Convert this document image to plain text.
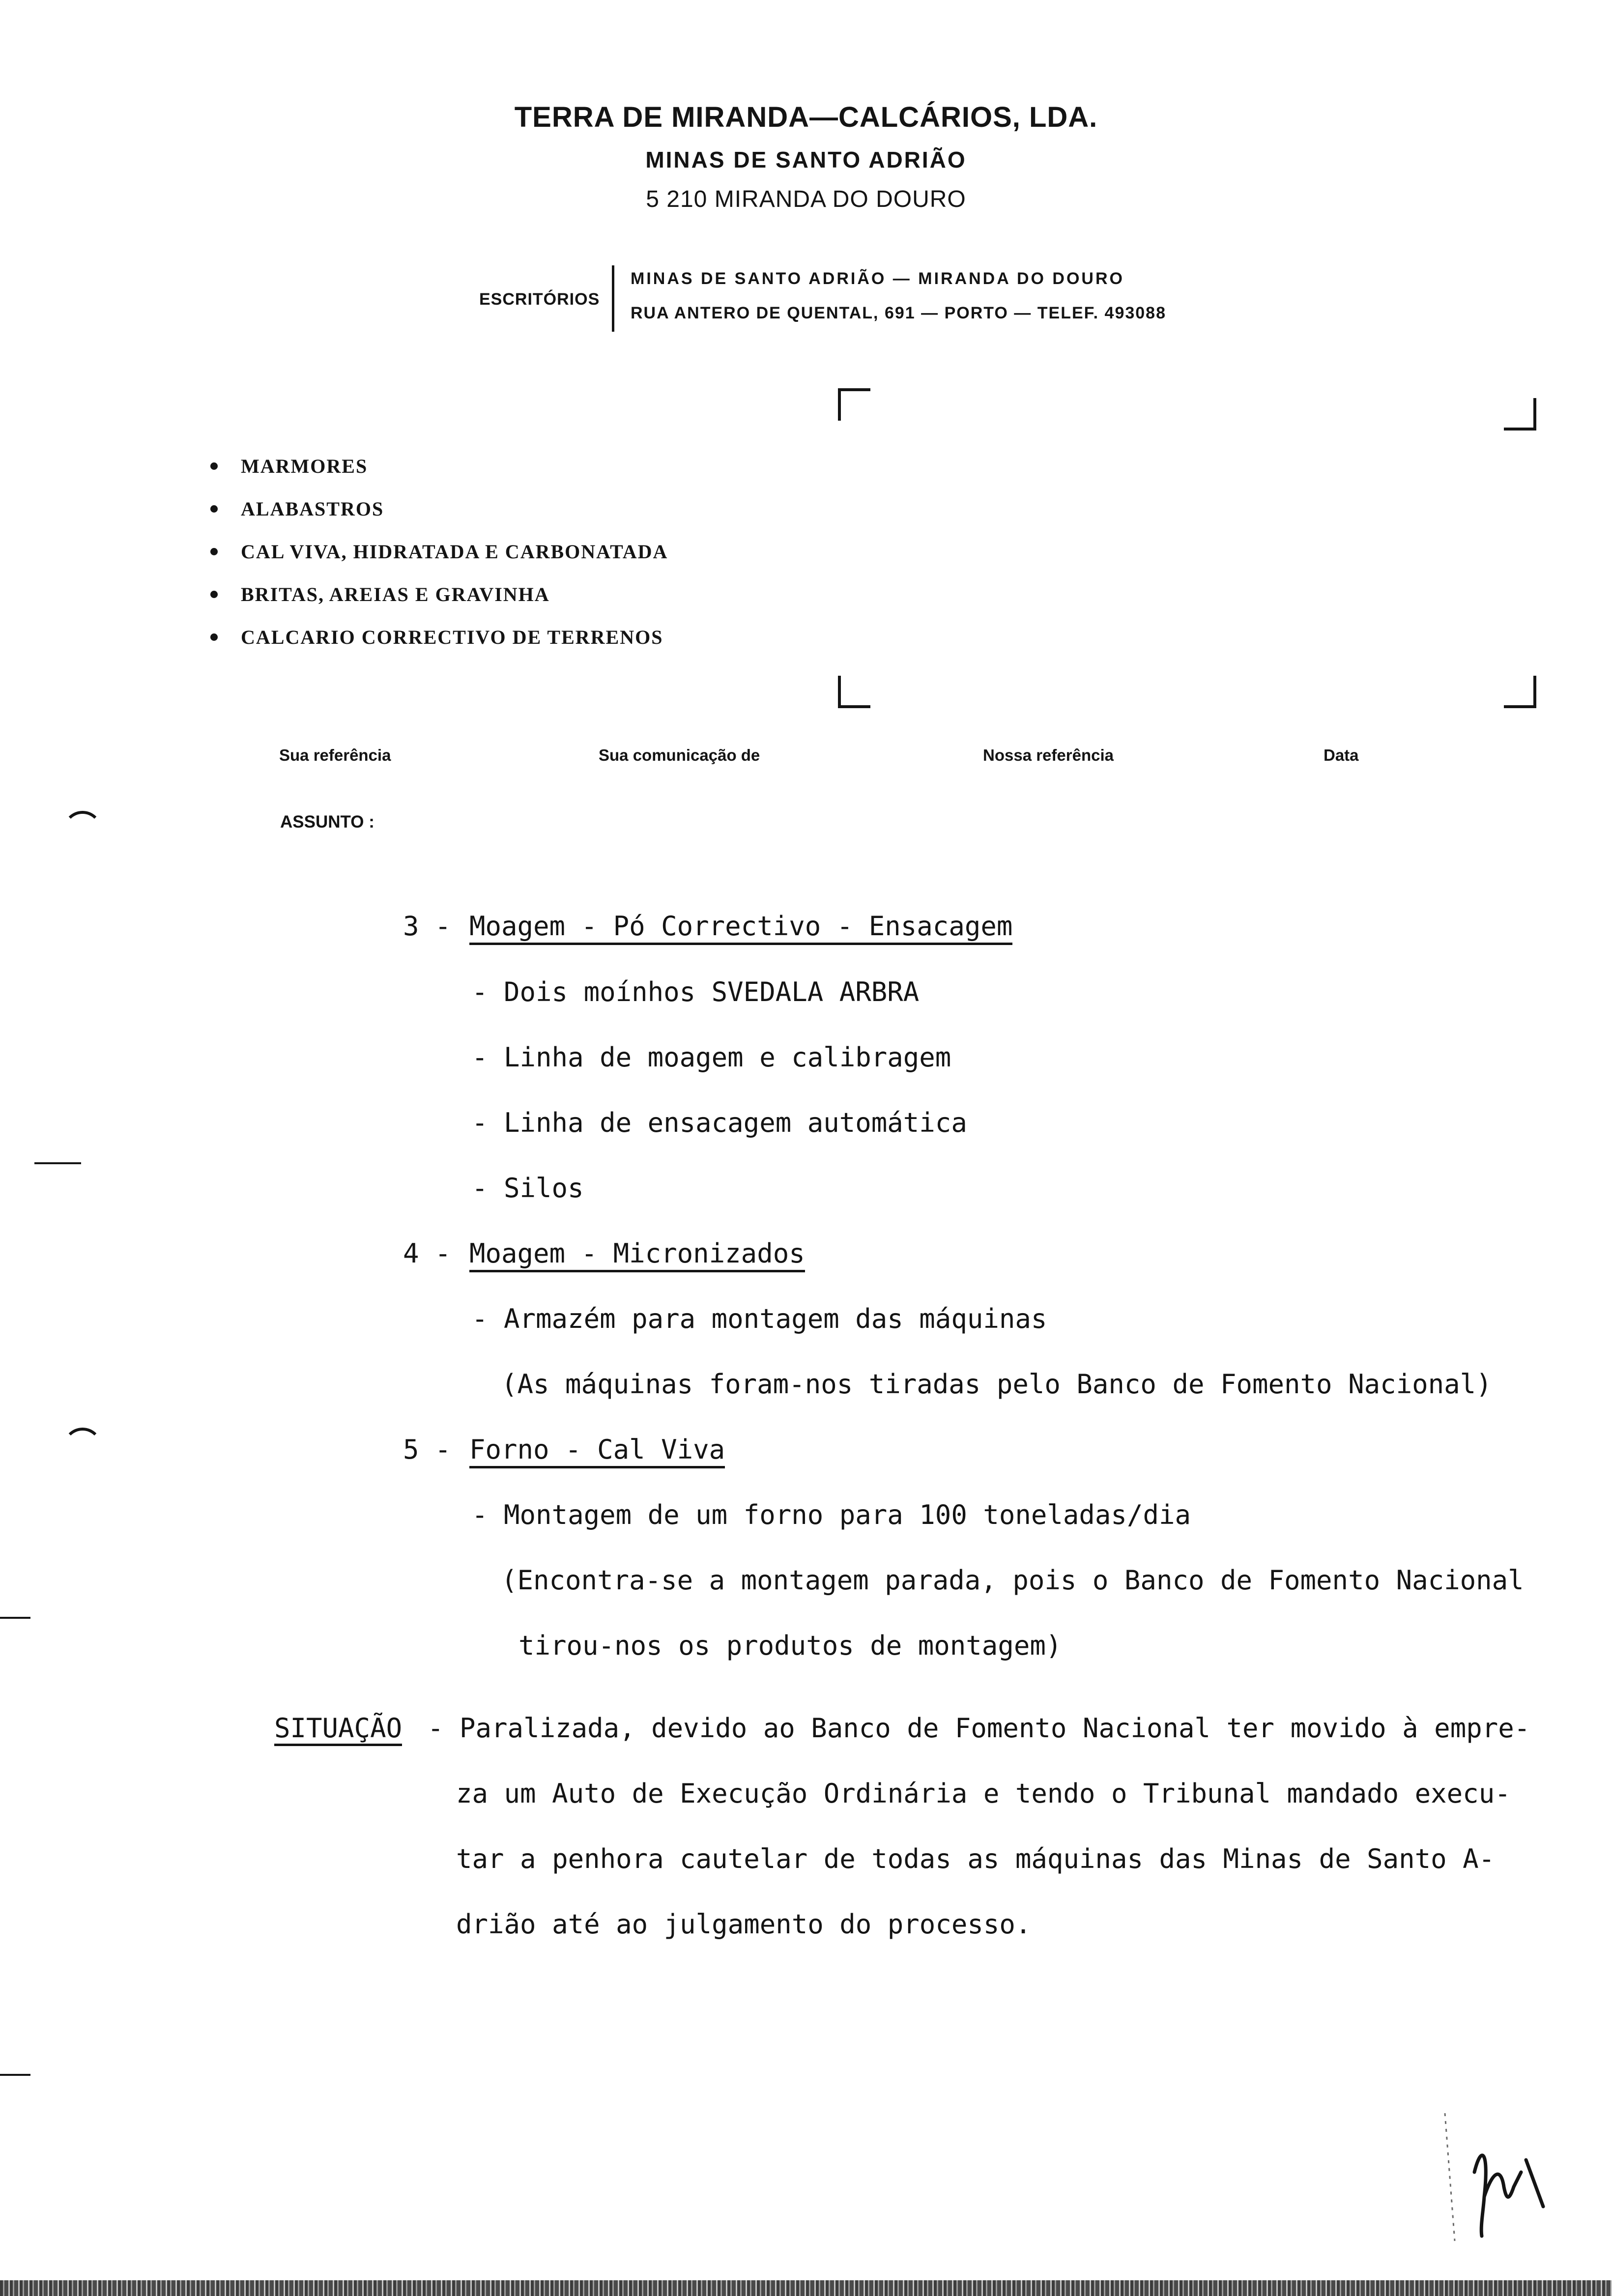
TERRA DE MIRANDA—CALCÁRIOS, LDA.
MINAS DE SANTO ADRIÃO
5 210 MIRANDA DO DOURO
ESCRITÓRIOS
MINAS DE SANTO ADRIÃO — MIRANDA DO DOURO
RUA ANTERO DE QUENTAL, 691 — PORTO — TELEF. 493088
MARMORES
ALABASTROS
CAL VIVA, HIDRATADA E CARBONATADA
BRITAS, AREIAS E GRAVINHA
CALCARIO CORRECTIVO DE TERRENOS
Sua referência	Sua comunicação de	Nossa referência	Data
ASSUNTO :
3 - Moagem - Pó Correctivo - Ensacagem
- Dois moínhos SVEDALA ARBRA
- Linha de moagem e calibragem
- Linha de ensacagem automática
- Silos
4 - Moagem - Micronizados
- Armazém para montagem das máquinas
(As máquinas foram-nos tiradas pelo Banco de Fomento Nacional)
5 - Forno - Cal Viva
- Montagem de um forno para 100 toneladas/dia
(Encontra-se a montagem parada, pois o Banco de Fomento Nacional
tirou-nos os produtos de montagem)
SITUAÇÃO - Paralizada, devido ao Banco de Fomento Nacional ter movido à empre-
za um Auto de Execução Ordinária e tendo o Tribunal mandado execu-
tar a penhora cautelar de todas as máquinas das Minas de Santo A-
drião até ao julgamento do processo.
